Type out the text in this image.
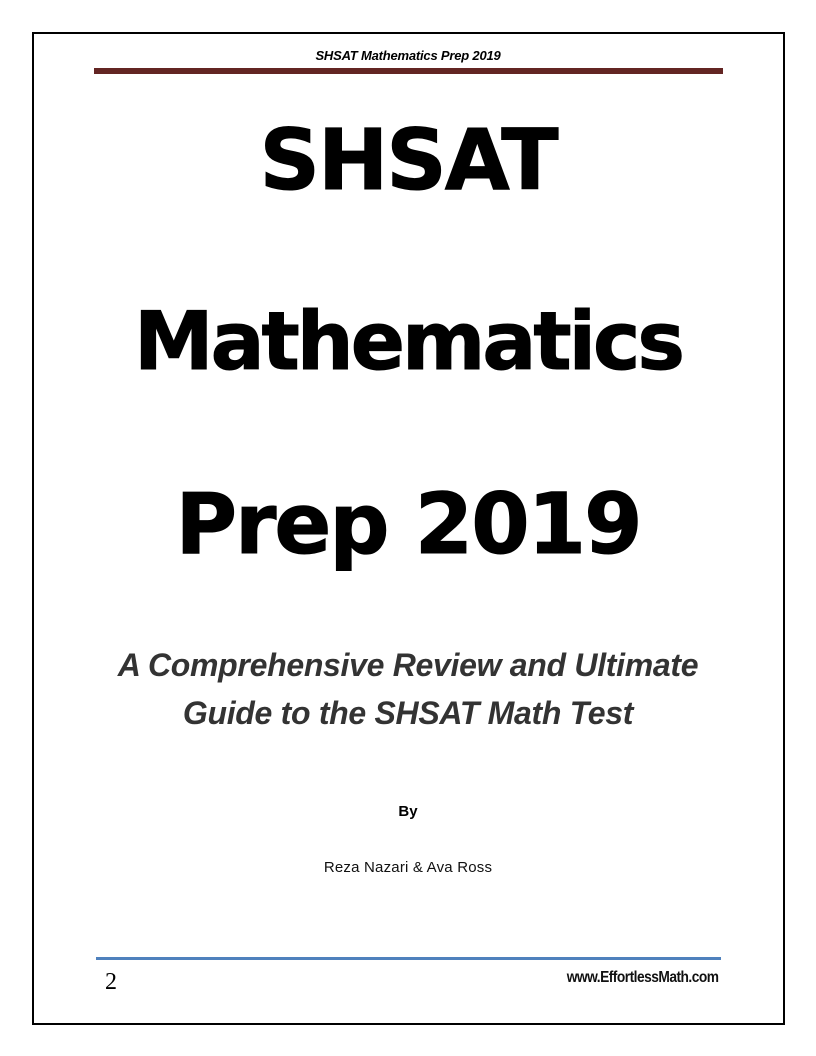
SHSAT Mathematics Prep 2019
SHSAT
Mathematics
Prep 2019
A Comprehensive Review and Ultimate
Guide to the SHSAT Math Test
By
Reza Nazari & Ava Ross
2	www.EffortlessMath.com
